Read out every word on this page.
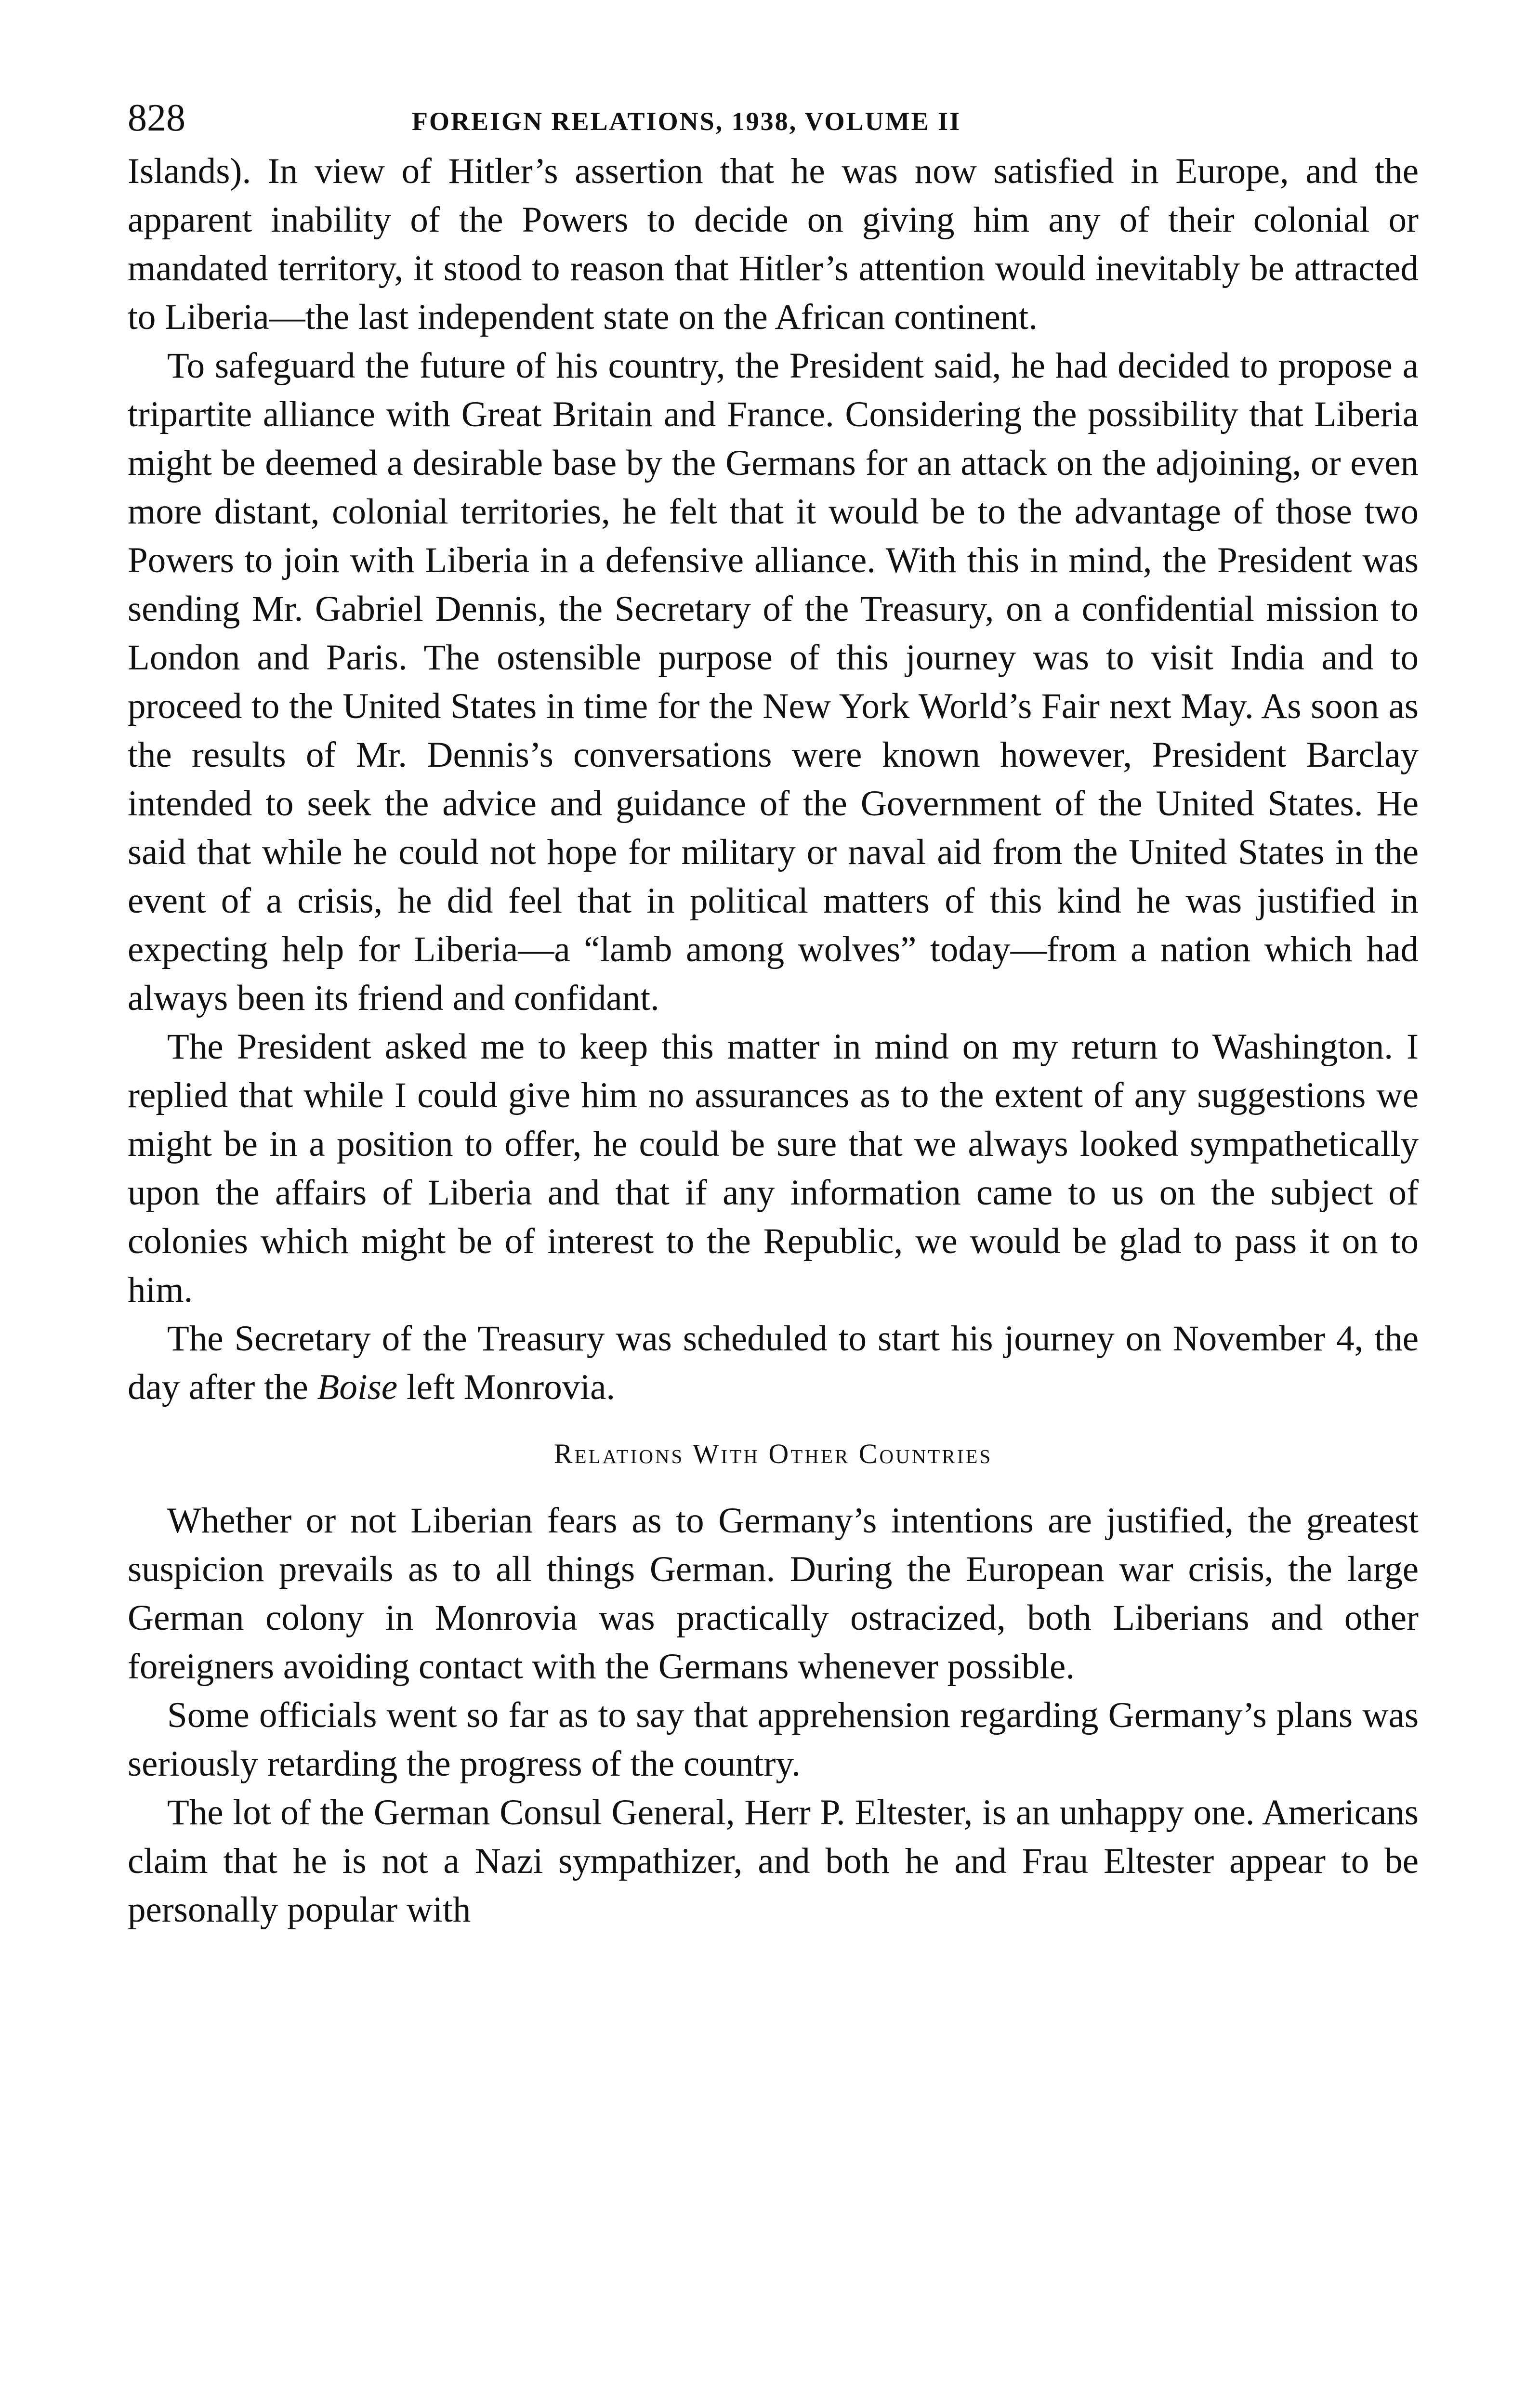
828	FOREIGN RELATIONS, 1938, VOLUME II

Islands). In view of Hitler’s assertion that he was now satisfied in Europe, and the apparent inability of the Powers to decide on giving him any of their colonial or mandated territory, it stood to reason that Hitler’s attention would inevitably be attracted to Liberia—the last independent state on the African continent.

To safeguard the future of his country, the President said, he had decided to propose a tripartite alliance with Great Britain and France. Considering the possibility that Liberia might be deemed a desirable base by the Germans for an attack on the adjoining, or even more distant, colonial territories, he felt that it would be to the advantage of those two Powers to join with Liberia in a defensive alliance. With this in mind, the President was sending Mr. Gabriel Dennis, the Secretary of the Treasury, on a confidential mission to London and Paris. The ostensible purpose of this journey was to visit India and to proceed to the United States in time for the New York World’s Fair next May. As soon as the results of Mr. Dennis’s conversations were known however, President Barclay intended to seek the advice and guidance of the Government of the United States. He said that while he could not hope for military or naval aid from the United States in the event of a crisis, he did feel that in political matters of this kind he was justified in expecting help for Liberia—a “lamb among wolves” today—from a nation which had always been its friend and confidant.

The President asked me to keep this matter in mind on my return to Washington. I replied that while I could give him no assurances as to the extent of any suggestions we might be in a position to offer, he could be sure that we always looked sympathetically upon the affairs of Liberia and that if any information came to us on the subject of colonies which might be of interest to the Republic, we would be glad to pass it on to him.

The Secretary of the Treasury was scheduled to start his journey on November 4, the day after the Boise left Monrovia.

Relations With Other Countries

Whether or not Liberian fears as to Germany’s intentions are justified, the greatest suspicion prevails as to all things German. During the European war crisis, the large German colony in Monrovia was practically ostracized, both Liberians and other foreigners avoiding contact with the Germans whenever possible.

Some officials went so far as to say that apprehension regarding Germany’s plans was seriously retarding the progress of the country.

The lot of the German Consul General, Herr P. Eltester, is an unhappy one. Americans claim that he is not a Nazi sympathizer, and both he and Frau Eltester appear to be personally popular with
